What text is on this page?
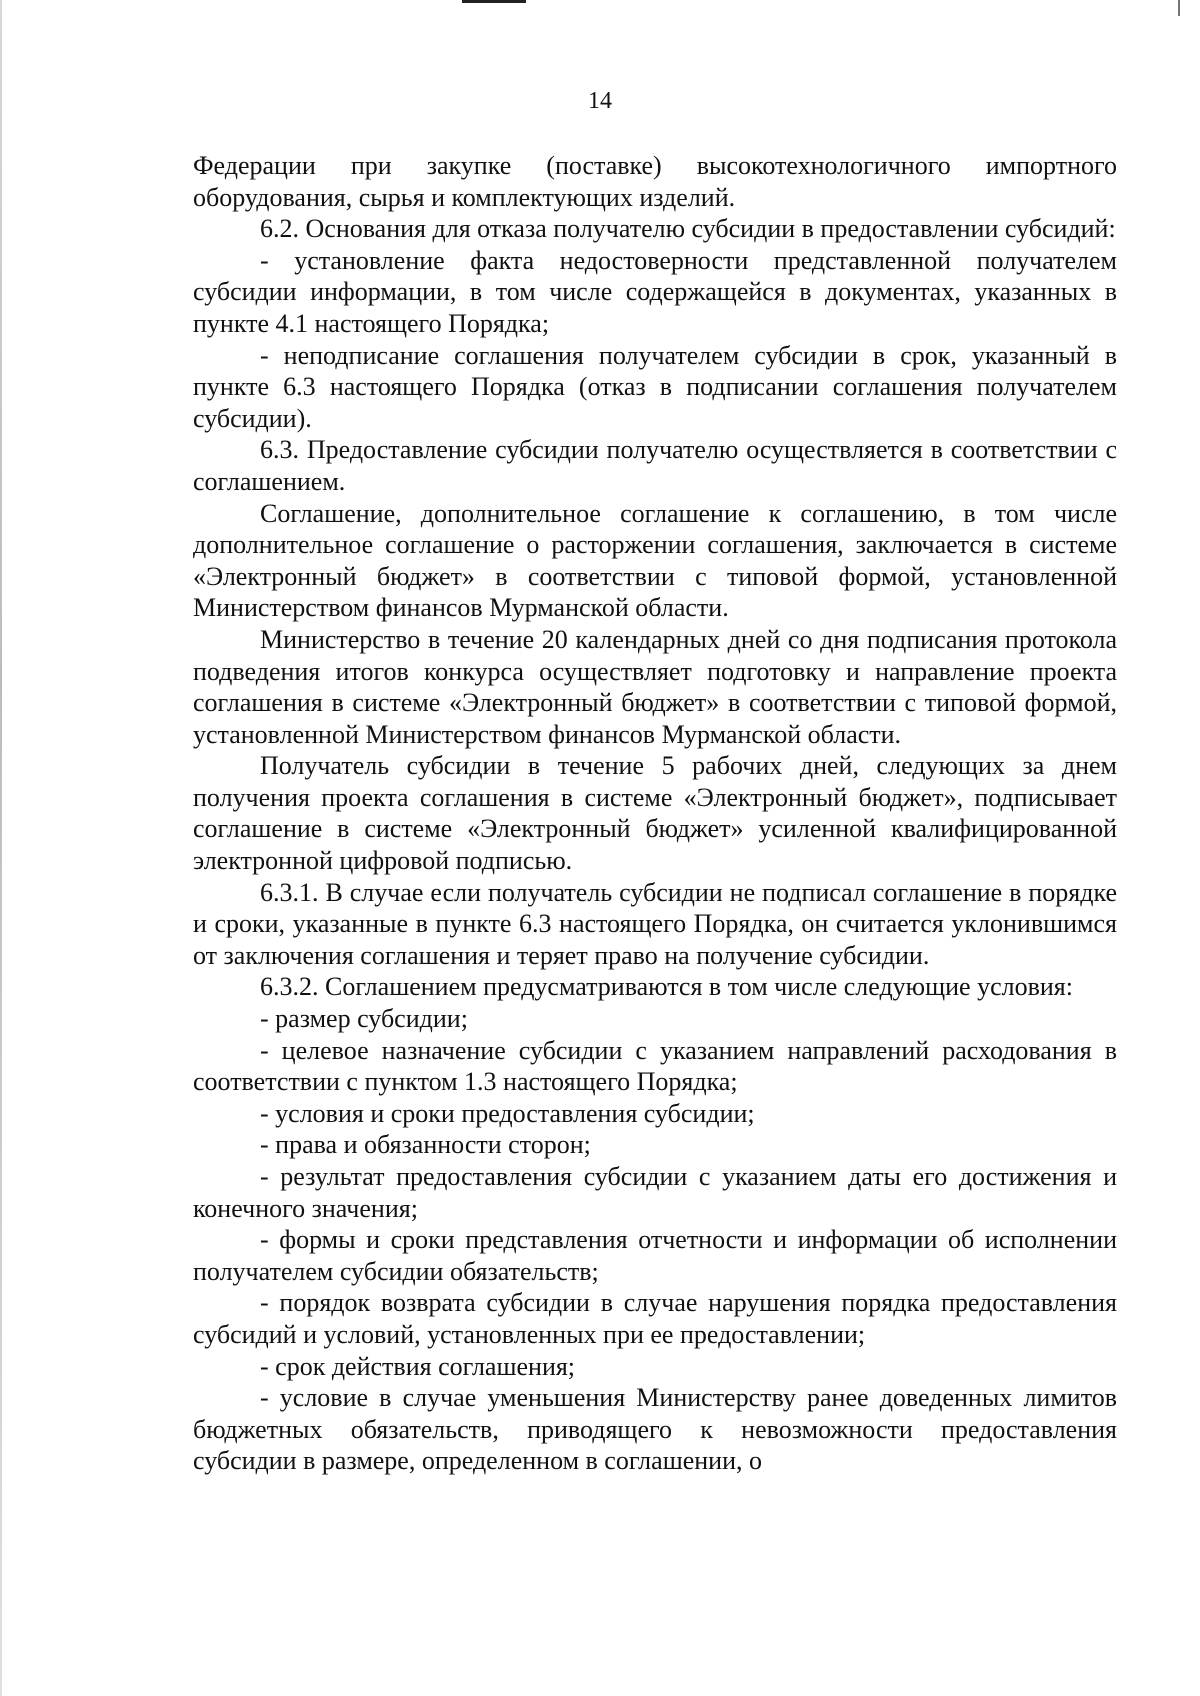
14

Федерации при закупке (поставке) высокотехнологичного импортного оборудования, сырья и комплектующих изделий.

6.2. Основания для отказа получателю субсидии в предоставлении субсидий:

- установление факта недостоверности представленной получателем субсидии информации, в том числе содержащейся в документах, указанных в пункте 4.1 настоящего Порядка;

- неподписание соглашения получателем субсидии в срок, указанный в пункте 6.3 настоящего Порядка (отказ в подписании соглашения получателем субсидии).

6.3. Предоставление субсидии получателю осуществляется в соответствии с соглашением.

Соглашение, дополнительное соглашение к соглашению, в том числе дополнительное соглашение о расторжении соглашения, заключается в системе «Электронный бюджет» в соответствии с типовой формой, установленной Министерством финансов Мурманской области.

Министерство в течение 20 календарных дней со дня подписания протокола подведения итогов конкурса осуществляет подготовку и направление проекта соглашения в системе «Электронный бюджет» в соответствии с типовой формой, установленной Министерством финансов Мурманской области.

Получатель субсидии в течение 5 рабочих дней, следующих за днем получения проекта соглашения в системе «Электронный бюджет», подписывает соглашение в системе «Электронный бюджет» усиленной квалифицированной электронной цифровой подписью.

6.3.1. В случае если получатель субсидии не подписал соглашение в порядке и сроки, указанные в пункте 6.3 настоящего Порядка, он считается уклонившимся от заключения соглашения и теряет право на получение субсидии.

6.3.2. Соглашением предусматриваются в том числе следующие условия:

- размер субсидии;

- целевое назначение субсидии с указанием направлений расходования в соответствии с пунктом 1.3 настоящего Порядка;

- условия и сроки предоставления субсидии;

- права и обязанности сторон;

- результат предоставления субсидии с указанием даты его достижения и конечного значения;

- формы и сроки представления отчетности и информации об исполнении получателем субсидии обязательств;

- порядок возврата субсидии в случае нарушения порядка предоставления субсидий и условий, установленных при ее предоставлении;

- срок действия соглашения;

- условие в случае уменьшения Министерству ранее доведенных лимитов бюджетных обязательств, приводящего к невозможности предоставления субсидии в размере, определенном в соглашении, о
